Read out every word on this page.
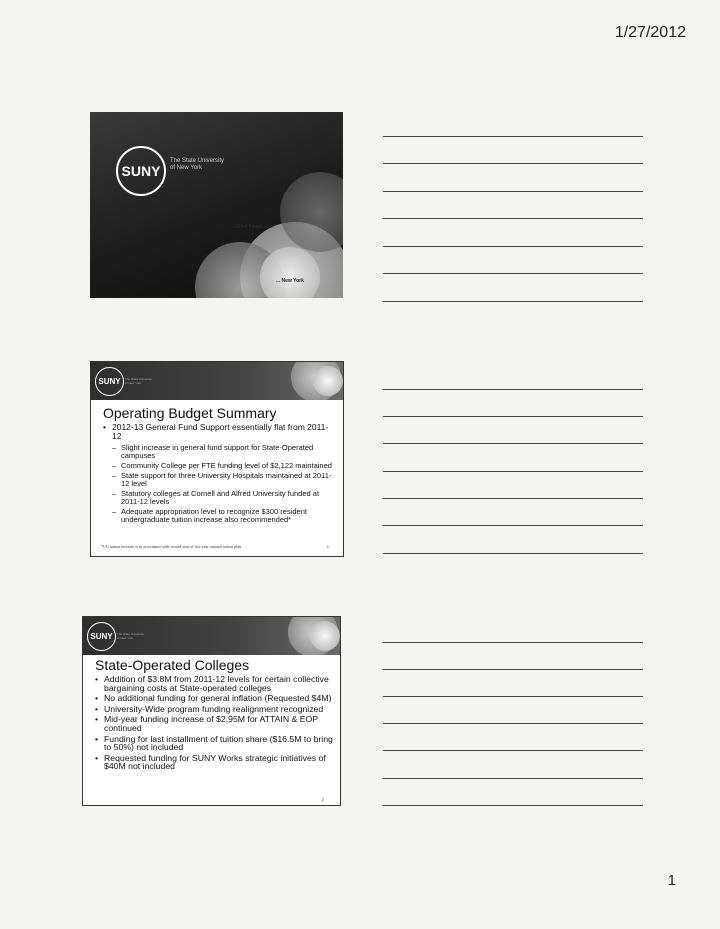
1/27/2012
SUNY
The State University of New York
... Chief Financial ...
... New York
SUNY The State University of New York
Operating Budget Summary
• 2012-13 General Fund Support essentially flat from 2011-12
– Slight increase in general fund support for State-Operated campuses
– Community College per FTE funding level of $2,122 maintained
– State support for three University Hospitals maintained at 2011-12 level
– Statutory colleges at Cornell and Alfred University funded at 2011-12 levels
– Adequate appropriation level to recognize $300 resident undergraduate tuition increase also recommended*
*UG tuition increase is in accordance with second year of five year rational tuition plan	1
SUNY The State University of New York
State-Operated Colleges
• Addition of $3.8M from 2011-12 levels for certain collective bargaining costs at State-operated colleges
• No additional funding for general inflation (Requested $4M)
• University-Wide program funding realignment recognized
• Mid-year funding increase of $2.95M for ATTAIN & EOP continued
• Funding for last installment of tuition share ($16.5M to bring to 50%) not included
• Requested funding for SUNY Works strategic initiatives of $40M not included
2
1
